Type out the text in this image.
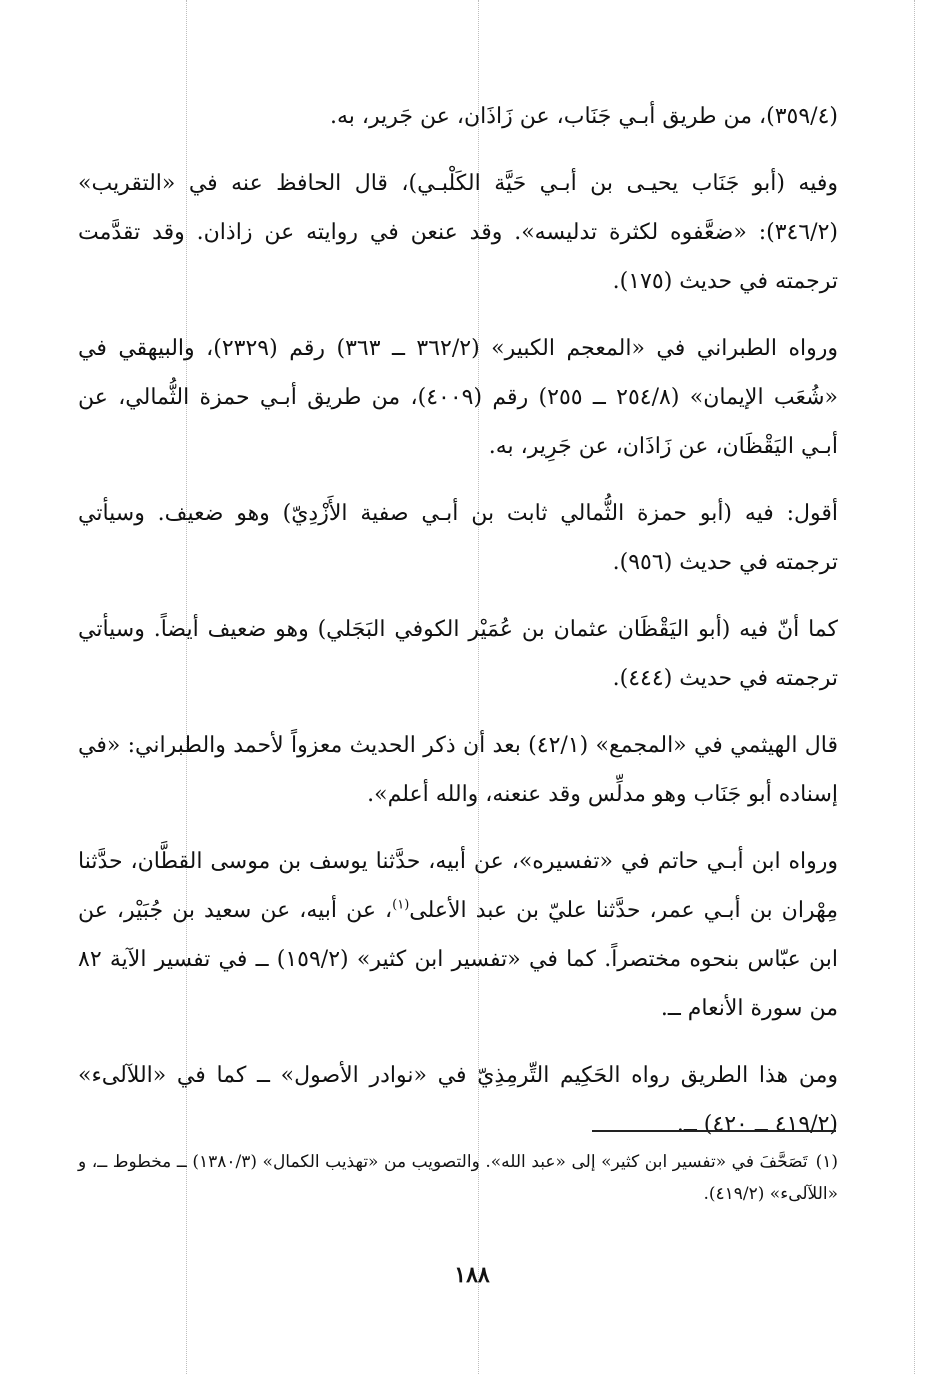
(٣٥٩/٤)، من طريق أبـي جَنَاب، عن زَاذَان، عن جَرير، به.

وفيه (أبو جَنَاب يحيـى بن أبـي حَيَّة الكَلْبـي)، قال الحافظ عنه في «التقريب» (٣٤٦/٢): «ضعَّفوه لكثرة تدليسه». وقد عنعن في روايته عن زاذان. وقد تقدَّمت ترجمته في حديث (١٧٥).

ورواه الطبراني في «المعجم الكبير» (٣٦٢/٢ ــ ٣٦٣) رقم (٢٣٢٩)، والبيهقي في «شُعَب الإيمان» (٢٥٤/٨ ــ ٢٥٥) رقم (٤٠٠٩)، من طريق أبـي حمزة الثُّمالي، عن أبـي اليَقْظَان، عن زَاذَان، عن جَرِير، به.

أقول: فيه (أبو حمزة الثُّمالي ثابت بن أبـي صفية الأَزْدِيّ) وهو ضعيف. وسيأتي ترجمته في حديث (٩٥٦).

كما أنّ فيه (أبو اليَقْظَان عثمان بن عُمَيْر الكوفي البَجَلي) وهو ضعيف أيضاً. وسيأتي ترجمته في حديث (٤٤٤).

قال الهيثمي في «المجمع» (٤٢/١) بعد أن ذكر الحديث معزواً لأحمد والطبراني: «في إسناده أبو جَنَاب وهو مدلِّس وقد عنعنه، والله أعلم».

ورواه ابن أبـي حاتم في «تفسيره»، عن أبيه، حدَّثنا يوسف بن موسى القطَّان، حدَّثنا مِهْران بن أبـي عمر، حدَّثنا عليّ بن عبد الأعلى$^{(١)}$، عن أبيه، عن سعيد بن جُبَيْر، عن ابن عبّاس بنحوه مختصراً. كما في «تفسير ابن كثير» (١٥٩/٢) ــ في تفسير الآية ٨٢ من سورة الأنعام ــ.

ومن هذا الطريق رواه الحَكِيم التِّرمِذِيّ في «نوادر الأصول» ــ كما في «اللآلىء» (٤١٩/٢ ــ ٤٢٠) ــ.

(١)تَصَحَّفَ في «تفسير ابن كثير» إلى «عبد الله». والتصويب من «تهذيب الكمال» (١٣٨٠/٣) ــ مخطوط ــ، و «اللآلىء» (٤١٩/٢).

١٨٨
